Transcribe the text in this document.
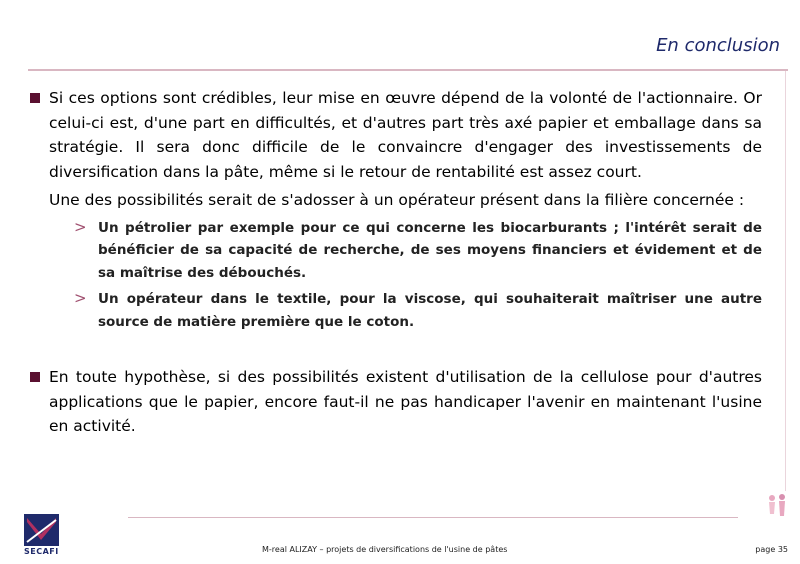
En conclusion
Si ces options sont crédibles, leur mise en œuvre dépend de la volonté de l'actionnaire. Or celui-ci est, d'une part en difficultés, et d'autres part très axé papier et emballage dans sa stratégie. Il sera donc difficile de le convaincre d'engager des investissements de diversification dans la pâte, même si le retour de rentabilité est assez court.
Une des possibilités serait de s'adosser à un opérateur présent dans la filière concernée :
> Un pétrolier par exemple pour ce qui concerne les biocarburants ; l'intérêt serait de bénéficier de sa capacité de recherche, de ses moyens financiers et évidement et de sa maîtrise des débouchés.
> Un opérateur dans le textile, pour la viscose, qui souhaiterait maîtriser une autre source de matière première que le coton.
En toute hypothèse, si des possibilités existent d'utilisation de la cellulose pour d'autres applications que le papier, encore faut-il ne pas handicaper l'avenir en maintenant l'usine en activité.
SECAFI	M-real ALIZAY – projets de diversifications de l'usine de pâtes	page 35
